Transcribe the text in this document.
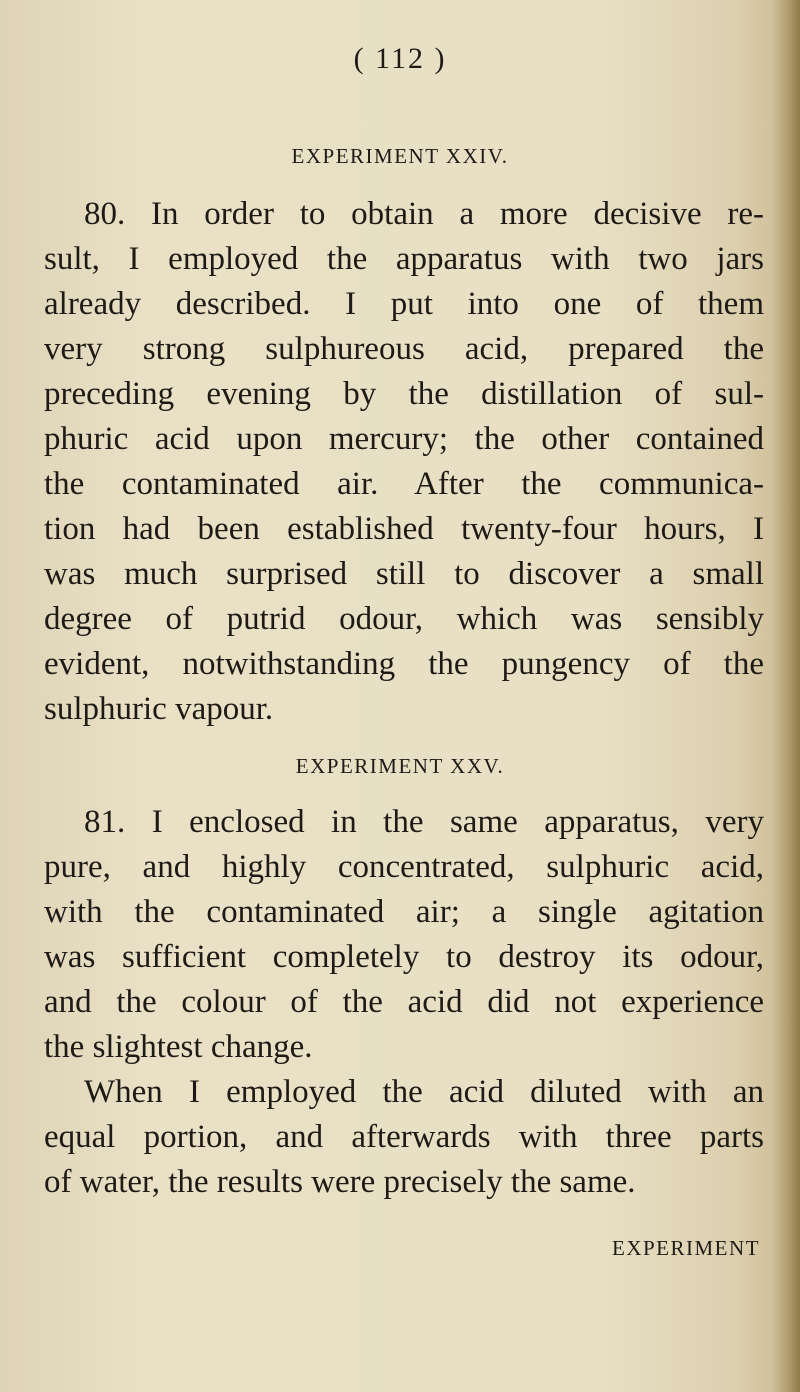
( 112 )
EXPERIMENT XXIV.

80. In order to obtain a more decisive re-
sult, I employed the apparatus with two jars
already described. I put into one of them
very strong sulphureous acid, prepared the
preceding evening by the distillation of sul-
phuric acid upon mercury; the other contained
the contaminated air. After the communica-
tion had been established twenty-four hours, I
was much surprised still to discover a small
degree of putrid odour, which was sensibly
evident, notwithstanding the pungency of the
sulphuric vapour.

EXPERIMENT XXV.

81. I enclosed in the same apparatus, very
pure, and highly concentrated, sulphuric acid,
with the contaminated air; a single agitation
was sufficient completely to destroy its odour,
and the colour of the acid did not experience
the slightest change.

When I employed the acid diluted with an
equal portion, and afterwards with three parts
of water, the results were precisely the same.

EXPERIMENT
